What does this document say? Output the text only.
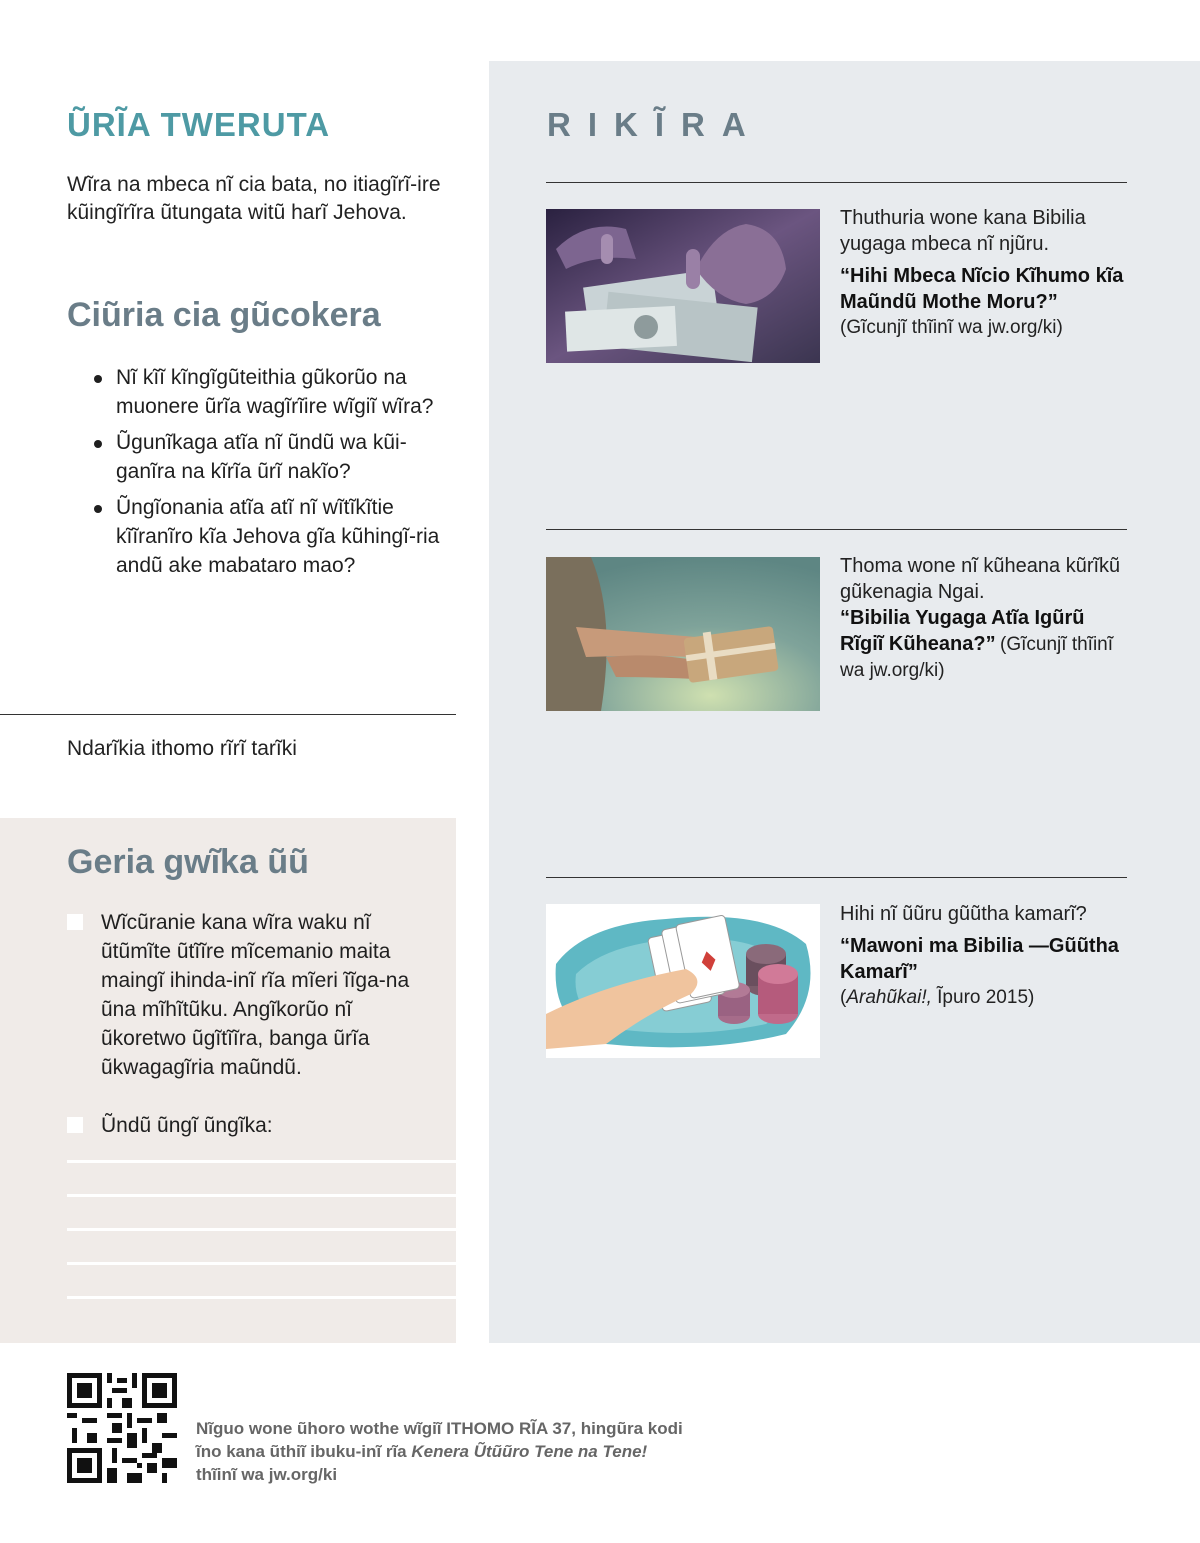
ŨRĨA TWERUTA
Wĩra na mbeca nĩ cia bata, no itiagĩrĩ-ire kũingĩrĩra ũtungata witũ harĩ Jehova.
Ciũria cia gũcokera
Nĩ kĩĩ kĩngĩgũteithia gũkorũo na muonere ũrĩa wagĩrĩire wĩgiĩ wĩra?
Ũgunĩkaga atĩa nĩ ũndũ wa kũi-ganĩra na kĩrĩa ũrĩ nakĩo?
Ũngĩonania atĩa atĩ nĩ wĩtĩkĩtie kĩĩranĩro kĩa Jehova gĩa kũhingĩ-ria andũ ake mabataro mao?
Ndarĩkia ithomo rĩrĩ tarĩki
Geria gwĩka ũũ
Wĩcũranie kana wĩra waku nĩ ũtũmĩte ũtĩĩre mĩcemanio maita maingĩ ihinda-inĩ rĩa mĩeri ĩĩga-na ũna mĩhĩtũku. Angĩkorũo nĩ ũkoretwo ũgĩtĩĩra, banga ũrĩa ũkwagagĩria maũndũ.
Ũndũ ũngĩ ũngĩka:
RIKĨRA
Thuthuria wone kana Bibilia yugaga mbeca nĩ njũru.
“Hihi Mbeca Nĩcio Kĩhumo kĩa Maũndũ Mothe Moru?”
(Gĩcunjĩ thĩinĩ wa jw.org/ki)
Thoma wone nĩ kũheana kũrĩkũ gũkenagia Ngai.
“Bibilia Yugaga Atĩa Igũrũ Rĩgiĩ Kũheana?” (Gĩcunjĩ thĩinĩ wa jw.org/ki)
Hihi nĩ ũũru gũũtha kamarĩ?
“Mawoni ma Bibilia —Gũũtha Kamarĩ”
(Arahũkai!, Ĩpuro 2015)
Nĩguo wone ũhoro wothe wĩgiĩ ITHOMO RĨA 37, hingũra kodi
ĩno kana ũthiĩ ibuku-inĩ rĩa Kenera Ũtũũro Tene na Tene!
thĩinĩ wa jw.org/ki
